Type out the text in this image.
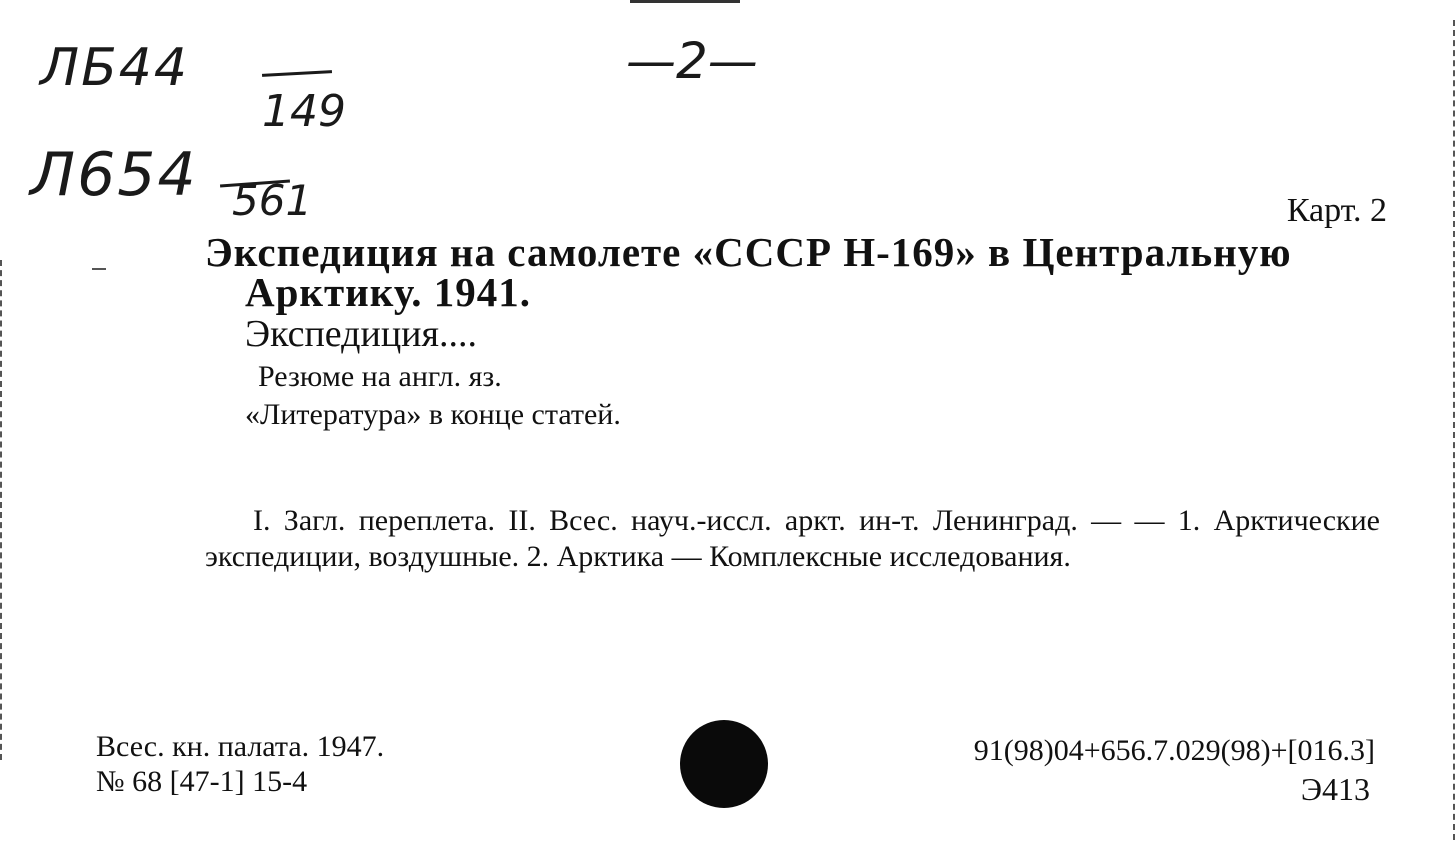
ЛБ44
149
Л654 561
—2—
Карт. 2
Экспедиция на самолете «СССР Н-169» в Центральную
Арктику. 1941.
Экспедиция....
Резюме на англ. яз.
«Литература» в конце статей.

I. Загл. переплета. II. Всес. науч.-иссл. аркт. ин-т. Ленинград. — — 1. Арктические экспедиции, воздушные. 2. Арктика — Комплексные исследования.

Всес. кн. палата. 1947.
№ 68 [47-1] 15-4
91(98)04+656.7.029(98)+[016.3]
Э413
